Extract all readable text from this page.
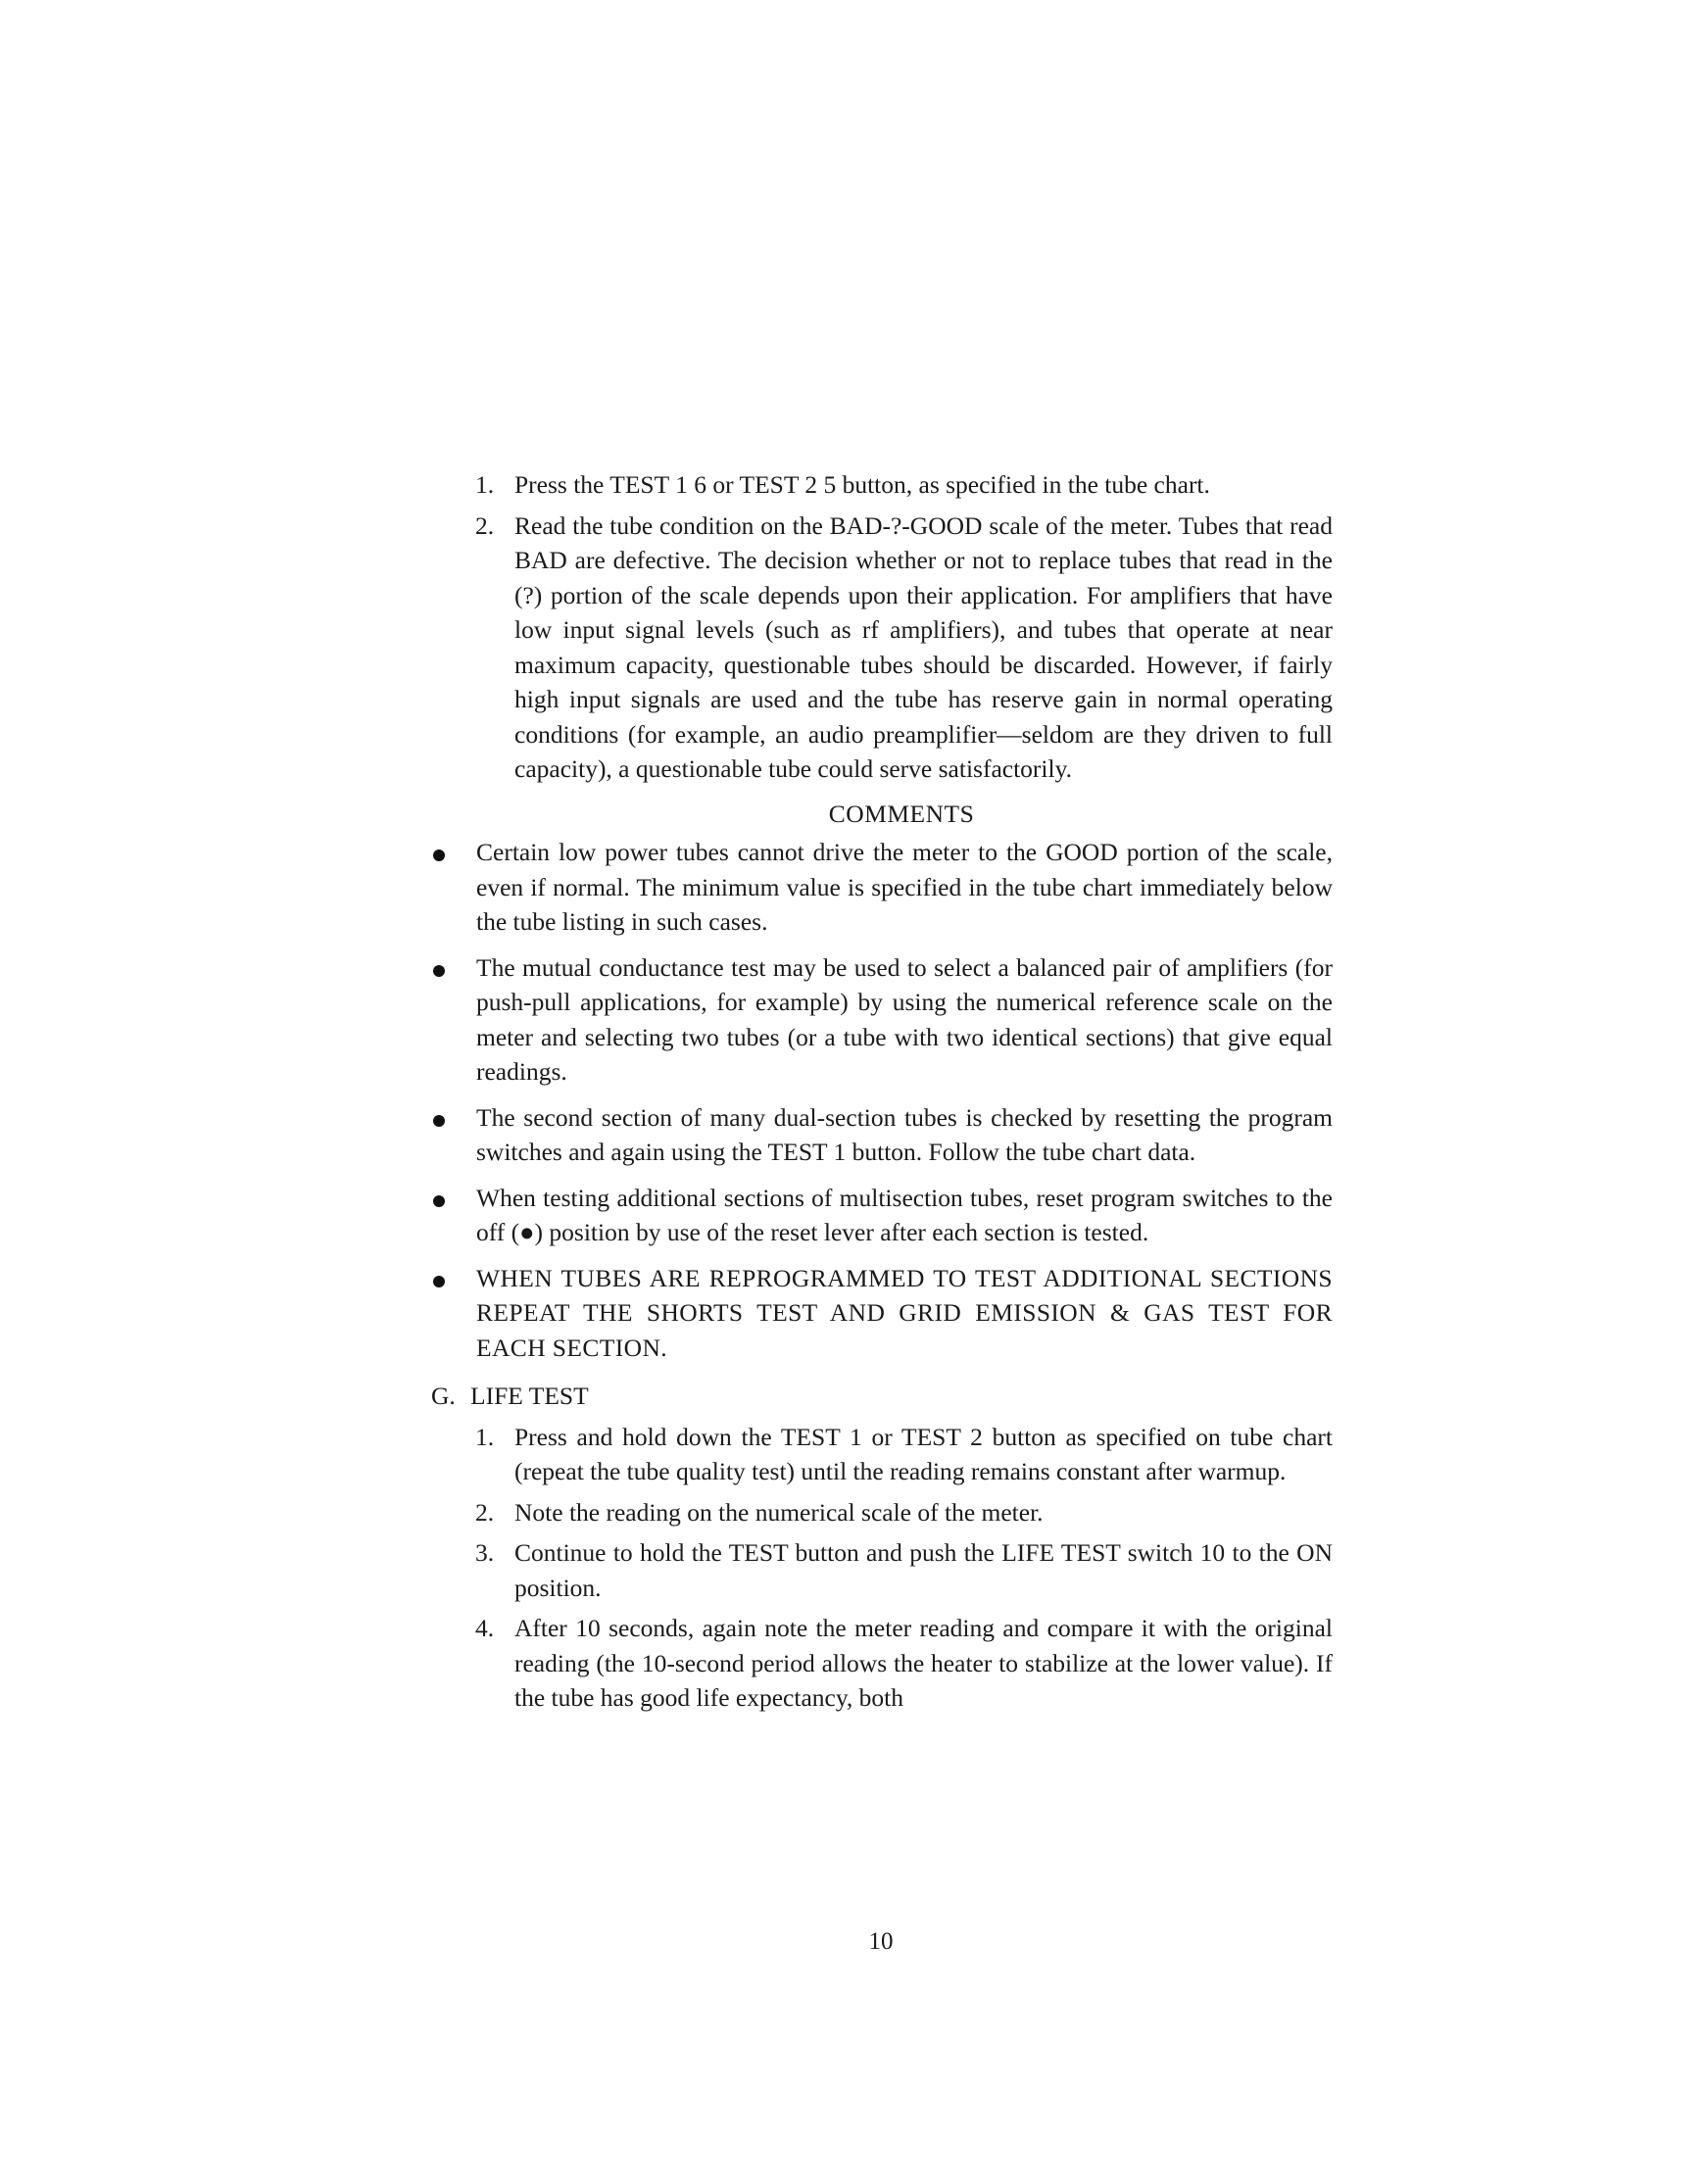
1. Press the TEST 1 6 or TEST 2 5 button, as specified in the tube chart.

2. Read the tube condition on the BAD-?-GOOD scale of the meter. Tubes that read BAD are defective. The decision whether or not to replace tubes that read in the (?) portion of the scale depends upon their application. For amplifiers that have low input signal levels (such as rf amplifiers), and tubes that operate at near maximum capacity, questionable tubes should be discarded. However, if fairly high input signals are used and the tube has reserve gain in normal operating conditions (for example, an audio preamplifier—seldom are they driven to full capacity), a questionable tube could serve satisfactorily.

COMMENTS

Certain low power tubes cannot drive the meter to the GOOD portion of the scale, even if normal. The minimum value is specified in the tube chart immediately below the tube listing in such cases.

The mutual conductance test may be used to select a balanced pair of amplifiers (for push-pull applications, for example) by using the numerical reference scale on the meter and selecting two tubes (or a tube with two identical sections) that give equal readings.

The second section of many dual-section tubes is checked by resetting the program switches and again using the TEST 1 button. Follow the tube chart data.

When testing additional sections of multisection tubes, reset program switches to the off (●) position by use of the reset lever after each section is tested.

WHEN TUBES ARE REPROGRAMMED TO TEST ADDITIONAL SECTIONS REPEAT THE SHORTS TEST AND GRID EMISSION & GAS TEST FOR EACH SECTION.

G. LIFE TEST
1. Press and hold down the TEST 1 or TEST 2 button as specified on tube chart (repeat the tube quality test) until the reading remains constant after warmup.

2. Note the reading on the numerical scale of the meter.

3. Continue to hold the TEST button and push the LIFE TEST switch 10 to the ON position.

4. After 10 seconds, again note the meter reading and compare it with the original reading (the 10-second period allows the heater to stabilize at the lower value). If the tube has good life expectancy, both

10
